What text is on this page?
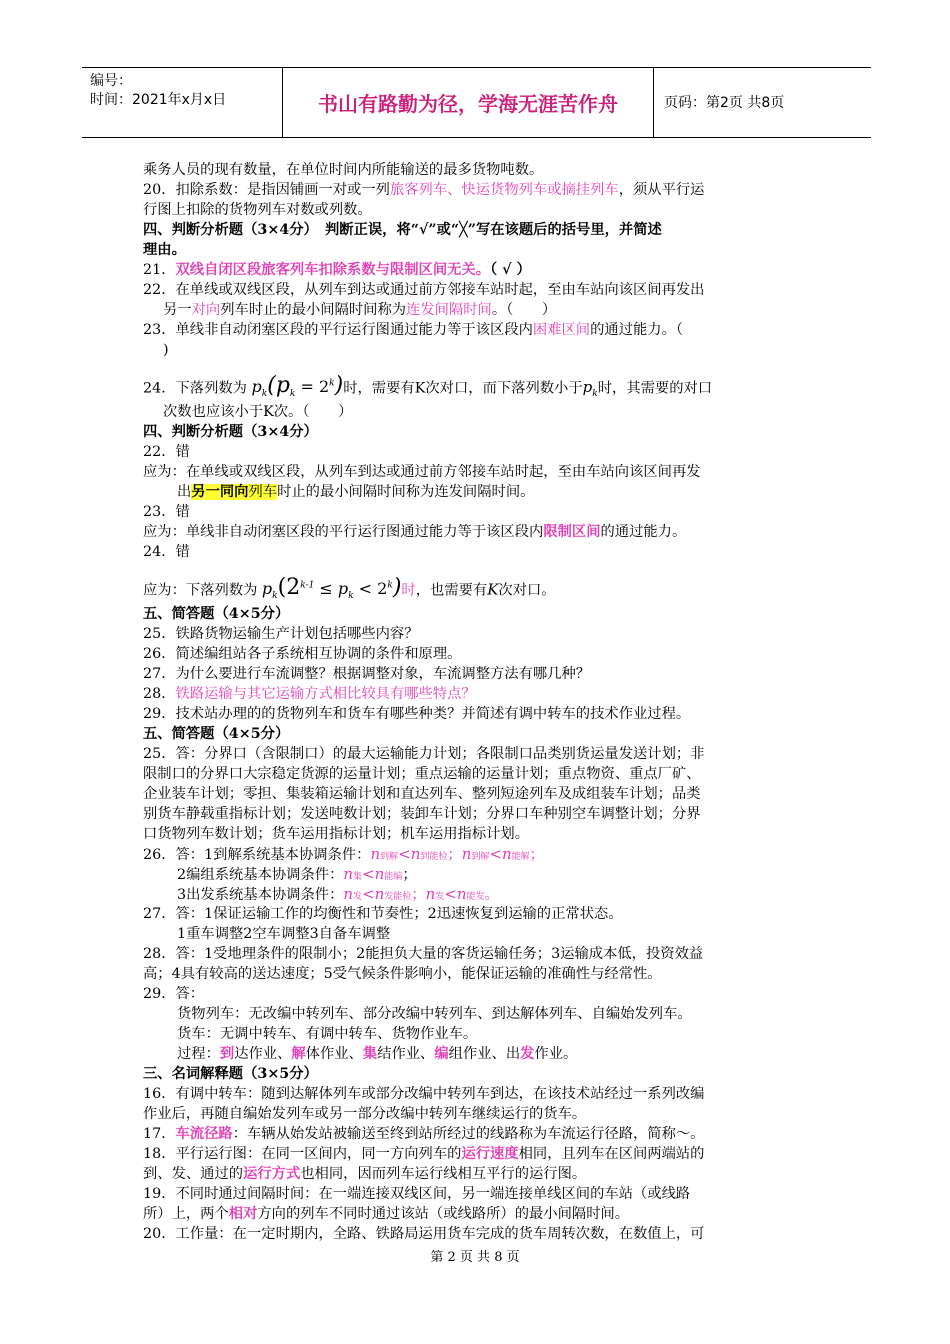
编号：
时间：2021年x月x日	书山有路勤为径，学海无涯苦作舟	页码：第2页 共8页
乘务人员的现有数量，在单位时间内所能输送的最多货物吨数。
20．扣除系数：是指因铺画一对或一列旅客列车、快运货物列车或摘挂列车，须从平行运
行图上扣除的货物列车对数或列数。
四、判断分析题（3×4分）　判断正误，将“√”或“╳”写在该题后的括号里，并简述
理由。
21．双线自闭区段旅客列车扣除系数与限制区间无关。（ √ ）
22．在单线或双线区段，从列车到达或通过前方邻接车站时起，至由车站向该区间再发出
另一对向列车时止的最小间隔时间称为连发间隔时间。（　　）
23．单线非自动闭塞区段的平行运行图通过能力等于该区段内困难区间的通过能力。（
)
24．下落列数为 $p_k(p_k = 2^k)$时，需要有K次对口，而下落列数小于$p_k$时，其需要的对口
次数也应该小于K次。（　　）
四、判断分析题（3×4分）
22．错
应为：在单线或双线区段，从列车到达或通过前方邻接车站时起，至由车站向该区间再发
出另一同向列车时止的最小间隔时间称为连发间隔时间。
23．错
应为：单线非自动闭塞区段的平行运行图通过能力等于该区段内限制区间的通过能力。
24．错
应为：下落列数为 $p_k(2^{k-1} \le p_k < 2^k)$时，也需要有K次对口。
五、简答题（4×5分）
25．铁路货物运输生产计划包括哪些内容？
26．简述编组站各子系统相互协调的条件和原理。
27．为什么要进行车流调整？根据调整对象，车流调整方法有哪几种？
28．铁路运输与其它运输方式相比较具有哪些特点？
29．技术站办理的的货物列车和货车有哪些种类？并简述有调中转车的技术作业过程。
五、简答题（4×5分）
25．答：分界口（含限制口）的最大运输能力计划；各限制口品类别货运量发送计划；非
限制口的分界口大宗稳定货源的运量计划；重点运输的运量计划；重点物资、重点厂矿、
企业装车计划；零担、集装箱运输计划和直达列车、整列短途列车及成组装车计划；品类
别货车静载重指标计划；发送吨数计划；装卸车计划；分界口车种别空车调整计划；分界
口货物列车数计划；货车运用指标计划；机车运用指标计划。
26．答：1到解系统基本协调条件：n到解<n到能检；n到解<n能解；
2编组系统基本协调条件：n集<n能编；
3出发系统基本协调条件：n发<n发能检；n发<n能发。
27．答：1保证运输工作的均衡性和节奏性；2迅速恢复到运输的正常状态。
1重车调整2空车调整3自备车调整
28．答：1受地理条件的限制小；2能担负大量的客货运输任务；3运输成本低，投资效益
高；4具有较高的送达速度；5受气候条件影响小，能保证运输的准确性与经常性。
29．答：
货物列车：无改编中转列车、部分改编中转列车、到达解体列车、自编始发列车。
货车：无调中转车、有调中转车、货物作业车。
过程：到达作业、解体作业、集结作业、编组作业、出发作业。
三、名词解释题（3×5分）
16．有调中转车：随到达解体列车或部分改编中转列车到达，在该技术站经过一系列改编
作业后，再随自编始发列车或另一部分改编中转列车继续运行的货车。
17．车流径路：车辆从始发站被输送至终到站所经过的线路称为车流运行径路，简称～。
18．平行运行图：在同一区间内，同一方向列车的运行速度相同，且列车在区间两端站的
到、发、通过的运行方式也相同，因而列车运行线相互平行的运行图。
19．不同时通过间隔时间：在一端连接双线区间，另一端连接单线区间的车站（或线路
所）上，两个相对方向的列车不同时通过该站（或线路所）的最小间隔时间。
20．工作量：在一定时期内，全路、铁路局运用货车完成的货车周转次数，在数值上，可
第 2 页 共 8 页
